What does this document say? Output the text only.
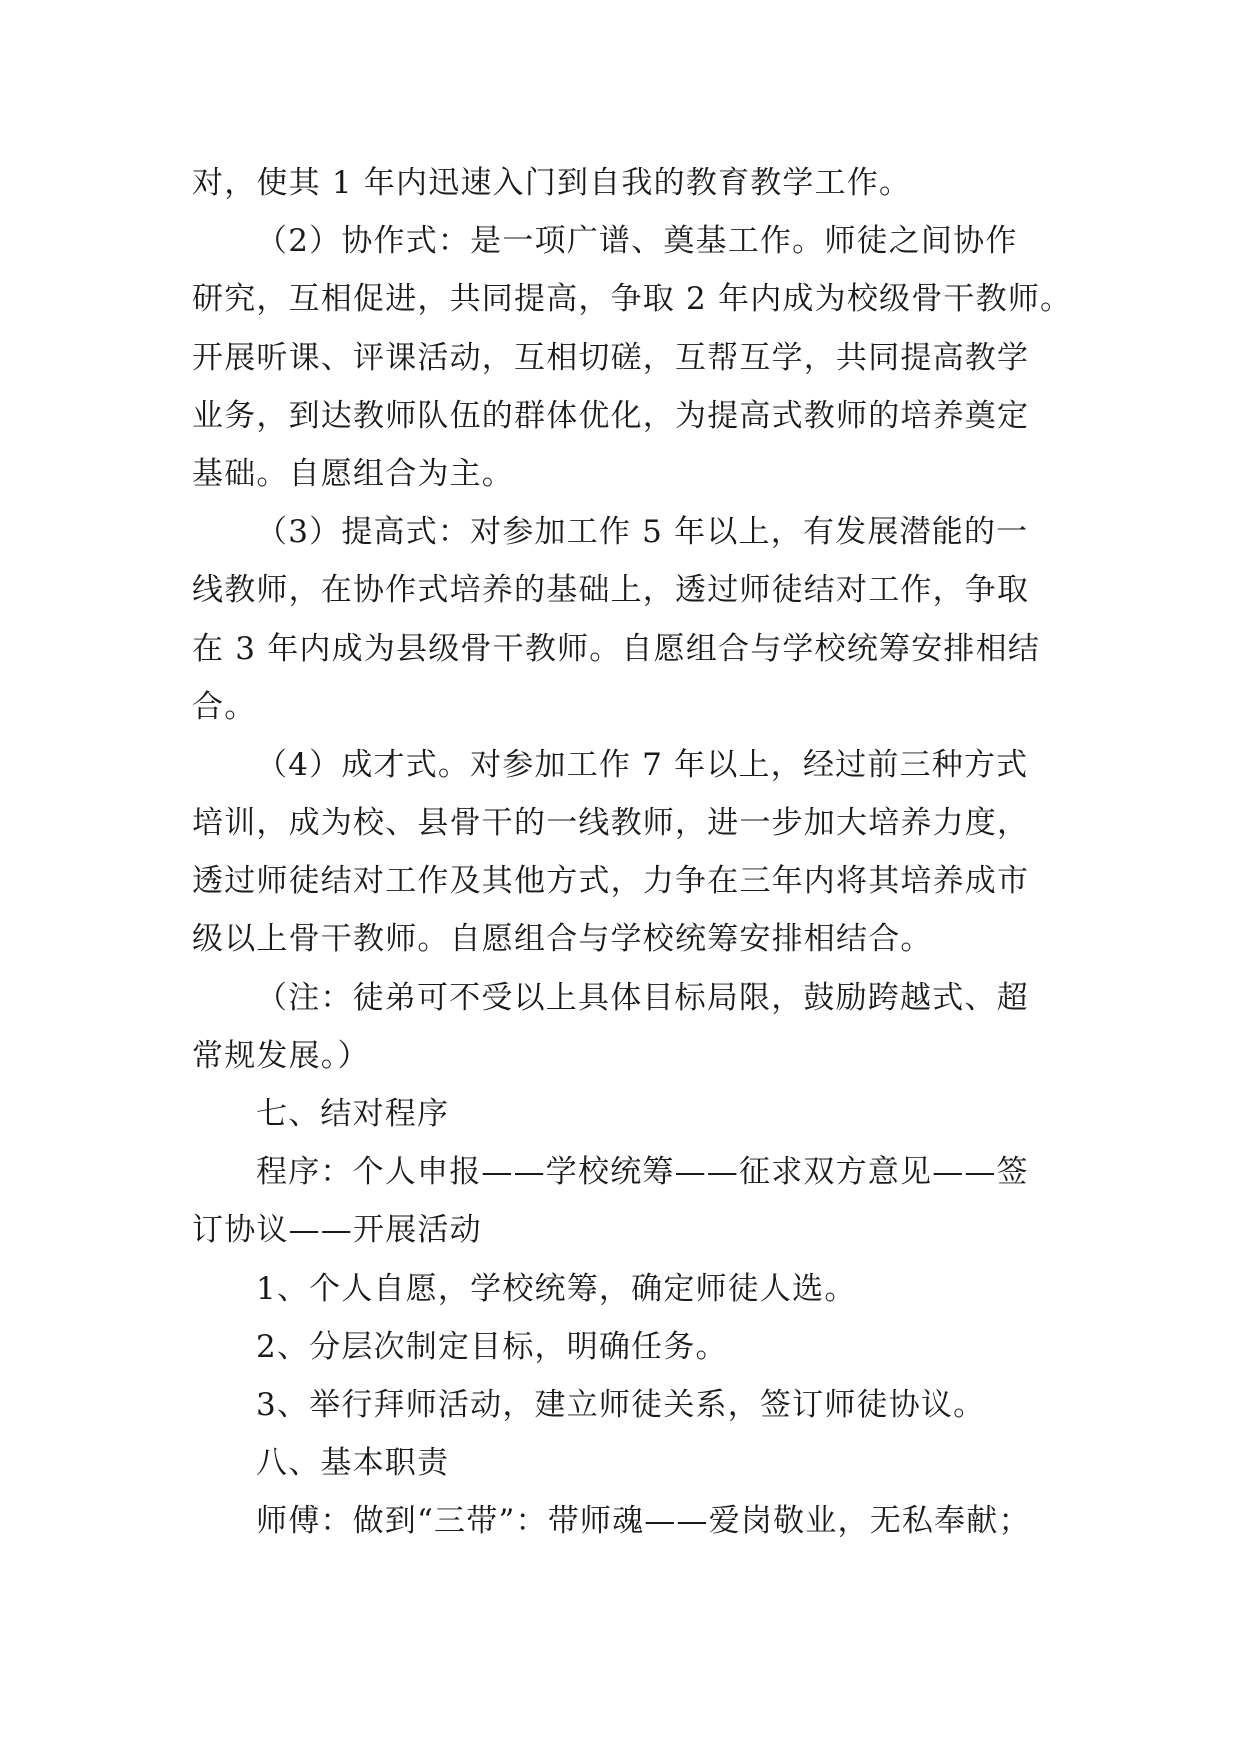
对，使其 1 年内迅速入门到自我的教育教学工作。
（2）协作式：是一项广谱、奠基工作。师徒之间协作
研究，互相促进，共同提高，争取 2 年内成为校级骨干教师。
开展听课、评课活动，互相切磋，互帮互学，共同提高教学
业务，到达教师队伍的群体优化，为提高式教师的培养奠定
基础。自愿组合为主。
（3）提高式：对参加工作 5 年以上，有发展潜能的一
线教师，在协作式培养的基础上，透过师徒结对工作，争取
在 3 年内成为县级骨干教师。自愿组合与学校统筹安排相结
合。
（4）成才式。对参加工作 7 年以上，经过前三种方式
培训，成为校、县骨干的一线教师，进一步加大培养力度，
透过师徒结对工作及其他方式，力争在三年内将其培养成市
级以上骨干教师。自愿组合与学校统筹安排相结合。
（注：徒弟可不受以上具体目标局限，鼓励跨越式、超
常规发展。）
七、结对程序
程序：个人申报——学校统筹——征求双方意见——签
订协议——开展活动
1、个人自愿，学校统筹，确定师徒人选。
2、分层次制定目标，明确任务。
3、举行拜师活动，建立师徒关系，签订师徒协议。
八、基本职责
师傅：做到“三带”：带师魂——爱岗敬业，无私奉献；
